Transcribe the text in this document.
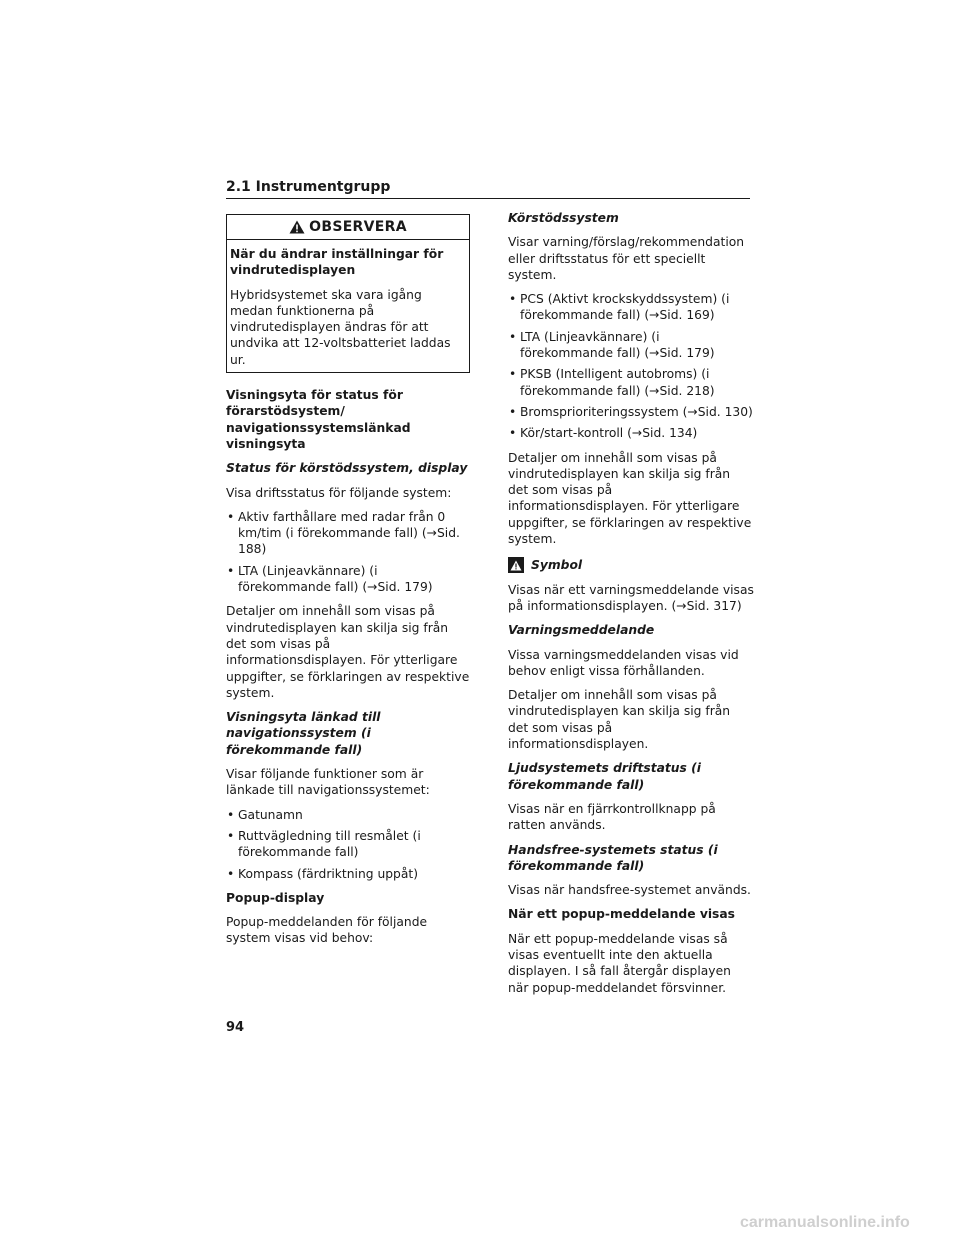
2.1 Instrumentgrupp
OBSERVERA

När du ändrar inställningar för vindrutedisplayen

Hybridsystemet ska vara igång medan funktionerna på vindrutedisplayen ändras för att undvika att 12-voltsbatteriet laddas ur.

Visningsyta för status för förarstödsystem/ navigationssystemslänkad visningsyta

Status för körstödssystem, display

Visa driftsstatus för följande system:

• Aktiv farthållare med radar från 0 km/tim (i förekommande fall) (→Sid. 188)
• LTA (Linjeavkännare) (i förekommande fall) (→Sid. 179)

Detaljer om innehåll som visas på vindrutedisplayen kan skilja sig från det som visas på informationsdisplayen. För ytterligare uppgifter, se förklaringen av respektive system.

Visningsyta länkad till navigationssystem (i förekommande fall)

Visar följande funktioner som är länkade till navigationssystemet:

• Gatunamn
• Ruttvägledning till resmålet (i förekommande fall)
• Kompass (färdriktning uppåt)

Popup-display

Popup-meddelanden för följande system visas vid behov:

Körstödssystem

Visar varning/förslag/rekommendation eller driftsstatus för ett speciellt system.

• PCS (Aktivt krockskyddssystem) (i förekommande fall) (→Sid. 169)
• LTA (Linjeavkännare) (i förekommande fall) (→Sid. 179)
• PKSB (Intelligent autobroms) (i förekommande fall) (→Sid. 218)
• Bromsprioriteringssystem (→Sid. 130)
• Kör/start-kontroll (→Sid. 134)

Detaljer om innehåll som visas på vindrutedisplayen kan skilja sig från det som visas på informationsdisplayen. För ytterligare uppgifter, se förklaringen av respektive system.

Symbol

Visas när ett varningsmeddelande visas på informationsdisplayen. (→Sid. 317)

Varningsmeddelande

Vissa varningsmeddelanden visas vid behov enligt vissa förhållanden.

Detaljer om innehåll som visas på vindrutedisplayen kan skilja sig från det som visas på informationsdisplayen.

Ljudsystemets driftstatus (i förekommande fall)

Visas när en fjärrkontrollknapp på ratten används.

Handsfree-systemets status (i förekommande fall)

Visas när handsfree-systemet används.

När ett popup-meddelande visas

När ett popup-meddelande visas så visas eventuellt inte den aktuella displayen. I så fall återgår displayen när popup-meddelandet försvinner.

94
carmanualsonline.info
